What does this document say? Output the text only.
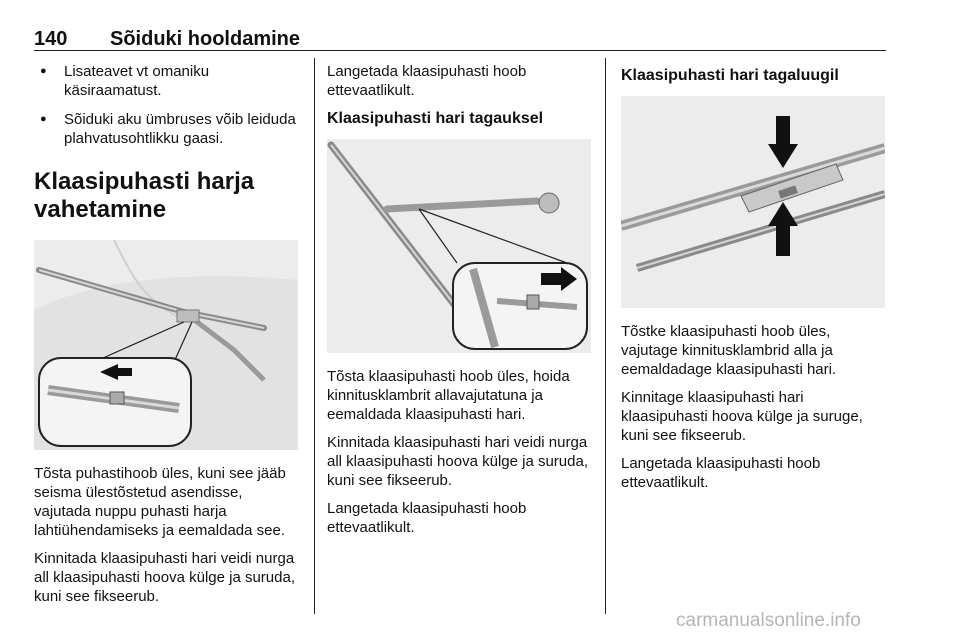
140 Sõiduki hooldamine
● Lisateavet vt omaniku käsiraamatust.
● Sõiduki aku ümbruses võib leiduda plahvatusohtlikku gaasi.
Klaasipuhasti harja vahetamine

Tõsta puhastihoob üles, kuni see jääb seisma ülestõstetud asendisse, vajutada nuppu puhasti harja lahtiühendamiseks ja eemaldada see.

Kinnitada klaasipuhasti hari veidi nurga all klaasipuhasti hoova külge ja suruda, kuni see fikseerub.

Langetada klaasipuhasti hoob ettevaatlikult.

Klaasipuhasti hari tagauksel

Tõsta klaasipuhasti hoob üles, hoida kinnitusklambrit allavajutatuna ja eemaldada klaasipuhasti hari.

Kinnitada klaasipuhasti hari veidi nurga all klaasipuhasti hoova külge ja suruda, kuni see fikseerub.

Langetada klaasipuhasti hoob ettevaatlikult.

Klaasipuhasti hari tagaluugil

Tõstke klaasipuhasti hoob üles, vajutage kinnitusklambrid alla ja eemaldadage klaasipuhasti hari.

Kinnitage klaasipuhasti hari klaasipuhasti hoova külge ja suruge, kuni see fikseerub.

Langetada klaasipuhasti hoob ettevaatlikult.

carmanualsonline.info
